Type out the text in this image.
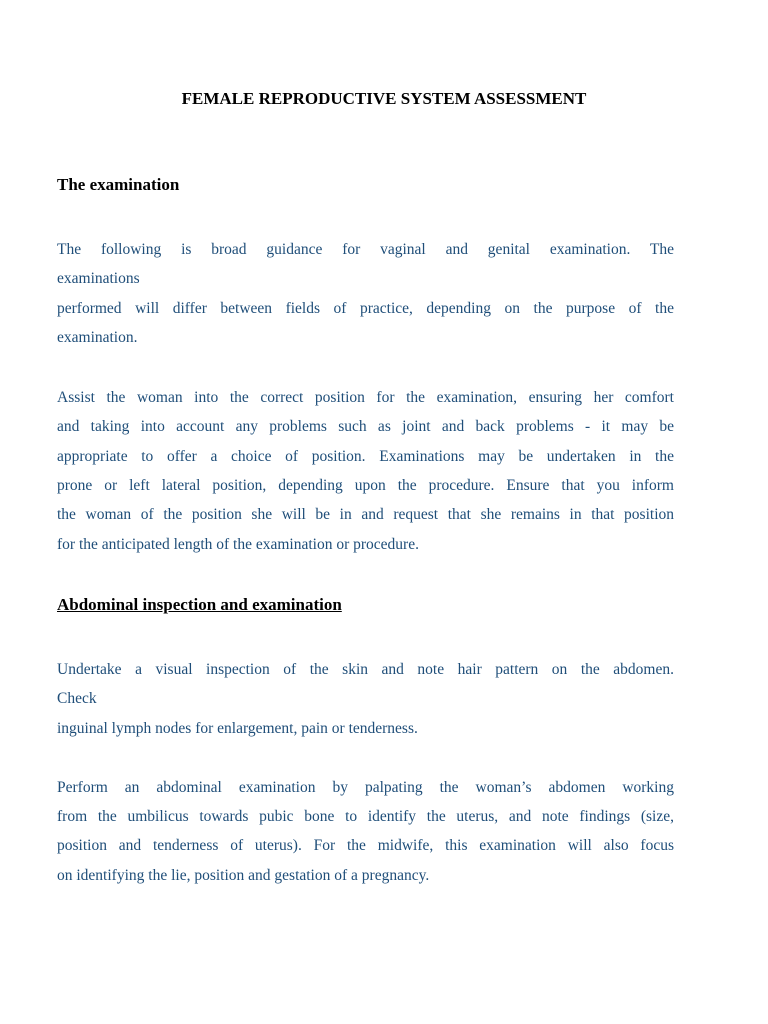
FEMALE REPRODUCTIVE SYSTEM ASSESSMENT
The examination
The following is broad guidance for vaginal and genital examination. The
examinations
performed will differ between fields of practice, depending on the purpose of the
examination.
Assist the woman into the correct position for the examination, ensuring her comfort
and taking into account any problems such as joint and back problems - it may be
appropriate to offer a choice of position. Examinations may be undertaken in the
prone or left lateral position, depending upon the procedure. Ensure that you inform
the woman of the position she will be in and request that she remains in that position
for the anticipated length of the examination or procedure.
Abdominal inspection and examination
Undertake a visual inspection of the skin and note hair pattern on the abdomen.
Check
inguinal lymph nodes for enlargement, pain or tenderness.
Perform an abdominal examination by palpating the woman’s abdomen working
from the umbilicus towards pubic bone to identify the uterus, and note findings (size,
position and tenderness of uterus). For the midwife, this examination will also focus
on identifying the lie, position and gestation of a pregnancy.
